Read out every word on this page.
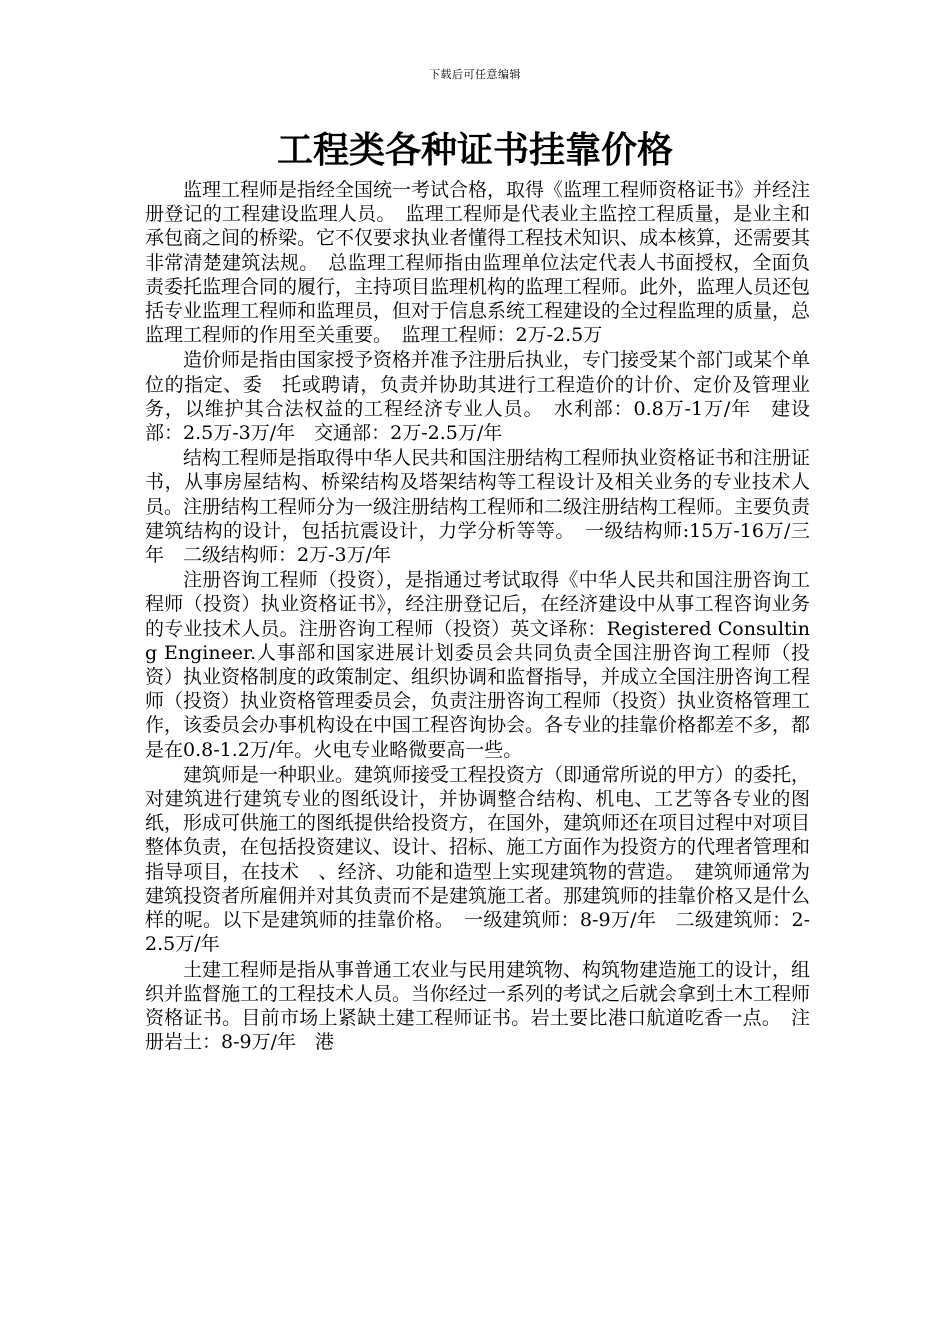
下载后可任意编辑
工程类各种证书挂靠价格

监理工程师是指经全国统一考试合格，取得《监理工程师资格证书》并经注册登记的工程建设监理人员。　监理工程师是代表业主监控工程质量，是业主和承包商之间的桥梁。它不仅要求执业者懂得工程技术知识、成本核算，还需要其非常清楚建筑法规。　总监理工程师指由监理单位法定代表人书面授权，全面负责委托监理合同的履行，主持项目监理机构的监理工程师。此外，监理人员还包括专业监理工程师和监理员，但对于信息系统工程建设的全过程监理的质量，总监理工程师的作用至关重要。　监理工程师：2万-2.5万

造价师是指由国家授予资格并准予注册后执业，专门接受某个部门或某个单位的指定、委　托或聘请，负责并协助其进行工程造价的计价、定价及管理业务，以维护其合法权益的工程经济专业人员。　水利部：0.8万-1万/年　建设部：2.5万-3万/年　交通部：2万-2.5万/年

结构工程师是指取得中华人民共和国注册结构工程师执业资格证书和注册证书，从事房屋结构、桥梁结构及塔架结构等工程设计及相关业务的专业技术人员。注册结构工程师分为一级注册结构工程师和二级注册结构工程师。主要负责建筑结构的设计，包括抗震设计，力学分析等等。　一级结构师:15万-16万/三年　二级结构师：2万-3万/年

注册咨询工程师（投资），是指通过考试取得《中华人民共和国注册咨询工程师（投资）执业资格证书》，经注册登记后，在经济建设中从事工程咨询业务的专业技术人员。注册咨询工程师（投资）英文译称：Registered Consulting Engineer.人事部和国家进展计划委员会共同负责全国注册咨询工程师（投资）执业资格制度的政策制定、组织协调和监督指导，并成立全国注册咨询工程师（投资）执业资格管理委员会，负责注册咨询工程师（投资）执业资格管理工作，该委员会办事机构设在中国工程咨询协会。各专业的挂靠价格都差不多，都是在0.8-1.2万/年。火电专业略微要高一些。

建筑师是一种职业。建筑师接受工程投资方（即通常所说的甲方）的委托，对建筑进行建筑专业的图纸设计，并协调整合结构、机电、工艺等各专业的图纸，形成可供施工的图纸提供给投资方，在国外，建筑师还在项目过程中对项目整体负责，在包括投资建议、设计、招标、施工方面作为投资方的代理者管理和指导项目，在技术　、经济、功能和造型上实现建筑物的营造。　建筑师通常为建筑投资者所雇佣并对其负责而不是建筑施工者。那建筑师的挂靠价格又是什么样的呢。以下是建筑师的挂靠价格。　一级建筑师：8-9万/年　二级建筑师：2-2.5万/年

土建工程师是指从事普通工农业与民用建筑物、构筑物建造施工的设计，组织并监督施工的工程技术人员。当你经过一系列的考试之后就会拿到土木工程师资格证书。目前市场上紧缺土建工程师证书。岩土要比港口航道吃香一点。　注册岩土：8-9万/年　港
